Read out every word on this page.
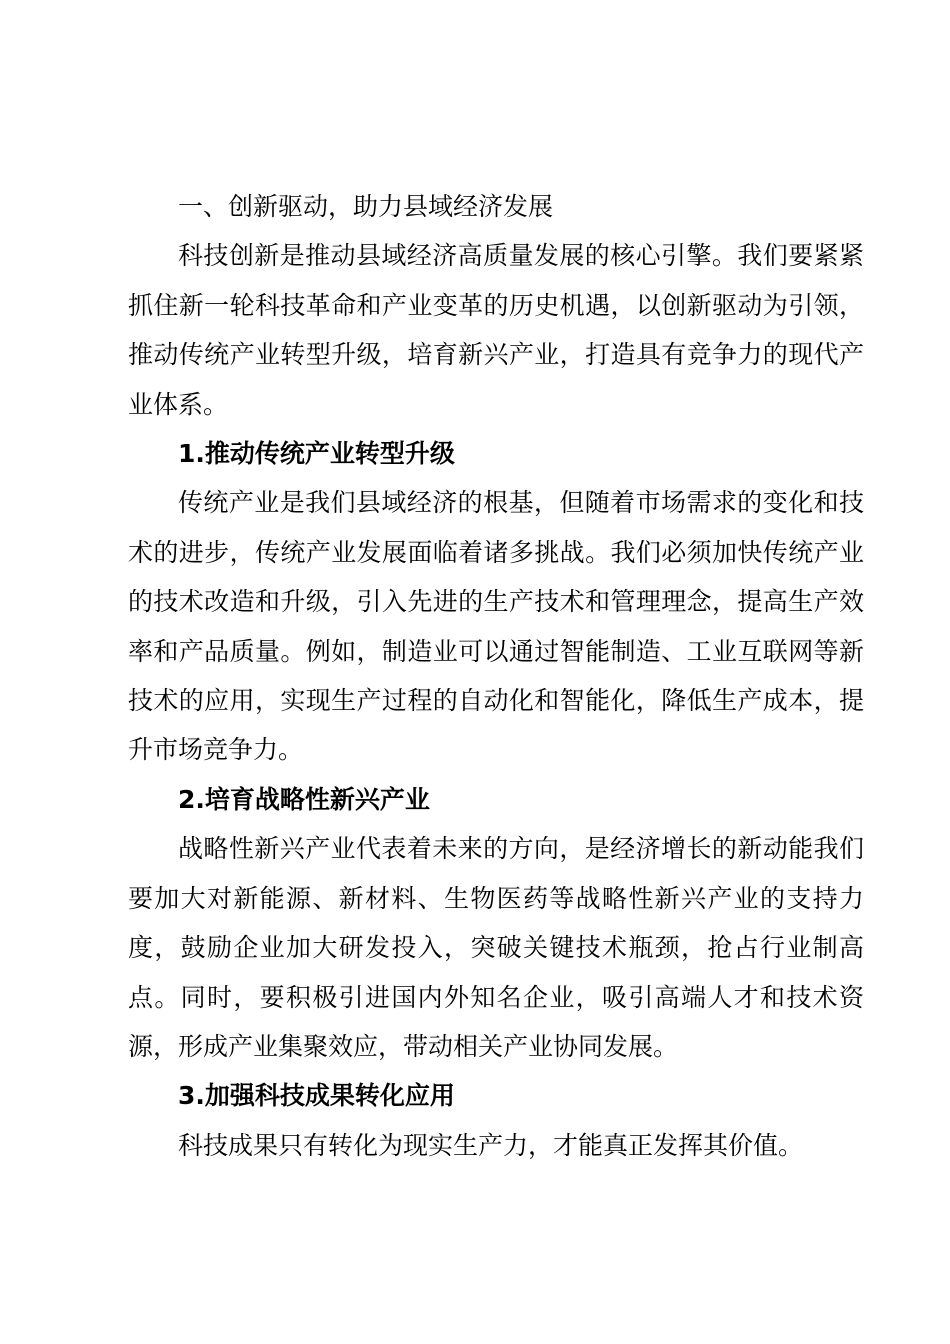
一、创新驱动，助力县域经济发展

科技创新是推动县域经济高质量发展的核心引擎。我们要紧紧抓住新一轮科技革命和产业变革的历史机遇，以创新驱动为引领，推动传统产业转型升级，培育新兴产业，打造具有竞争力的现代产业体系。

1.推动传统产业转型升级

传统产业是我们县域经济的根基，但随着市场需求的变化和技术的进步，传统产业发展面临着诸多挑战。我们必须加快传统产业的技术改造和升级，引入先进的生产技术和管理理念，提高生产效率和产品质量。例如，制造业可以通过智能制造、工业互联网等新技术的应用，实现生产过程的自动化和智能化，降低生产成本，提升市场竞争力。

2.培育战略性新兴产业

战略性新兴产业代表着未来的方向，是经济增长的新动能我们要加大对新能源、新材料、生物医药等战略性新兴产业的支持力度，鼓励企业加大研发投入，突破关键技术瓶颈，抢占行业制高点。同时，要积极引进国内外知名企业，吸引高端人才和技术资源，形成产业集聚效应，带动相关产业协同发展。

3.加强科技成果转化应用

科技成果只有转化为现实生产力，才能真正发挥其价值。
